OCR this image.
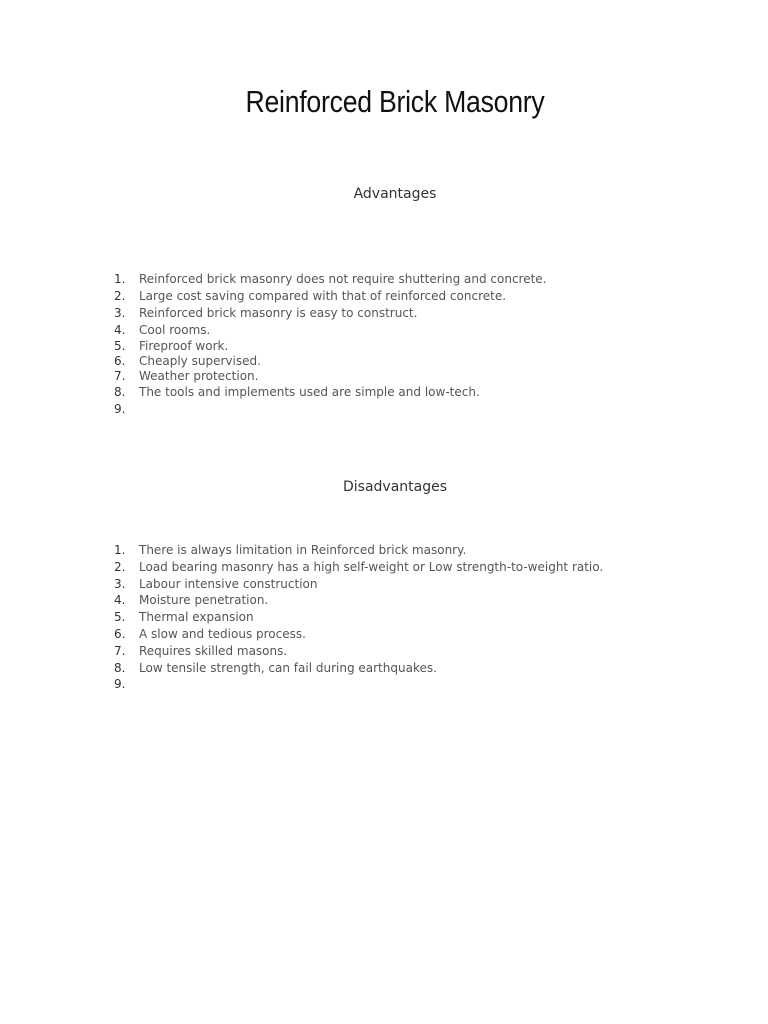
Reinforced Brick Masonry
Advantages
1. Reinforced brick masonry does not require shuttering and concrete.
2. Large cost saving compared with that of reinforced concrete.
3. Reinforced brick masonry is easy to construct.
4. Cool rooms.
5. Fireproof work.
6. Cheaply supervised.
7. Weather protection.
8. The tools and implements used are simple and low-tech.
9.
Disadvantages
1. There is always limitation in Reinforced brick masonry.
2. Load bearing masonry has a high self-weight or Low strength-to-weight ratio.
3. Labour intensive construction
4. Moisture penetration.
5. Thermal expansion
6. A slow and tedious process.
7. Requires skilled masons.
8. Low tensile strength, can fail during earthquakes.
9.
